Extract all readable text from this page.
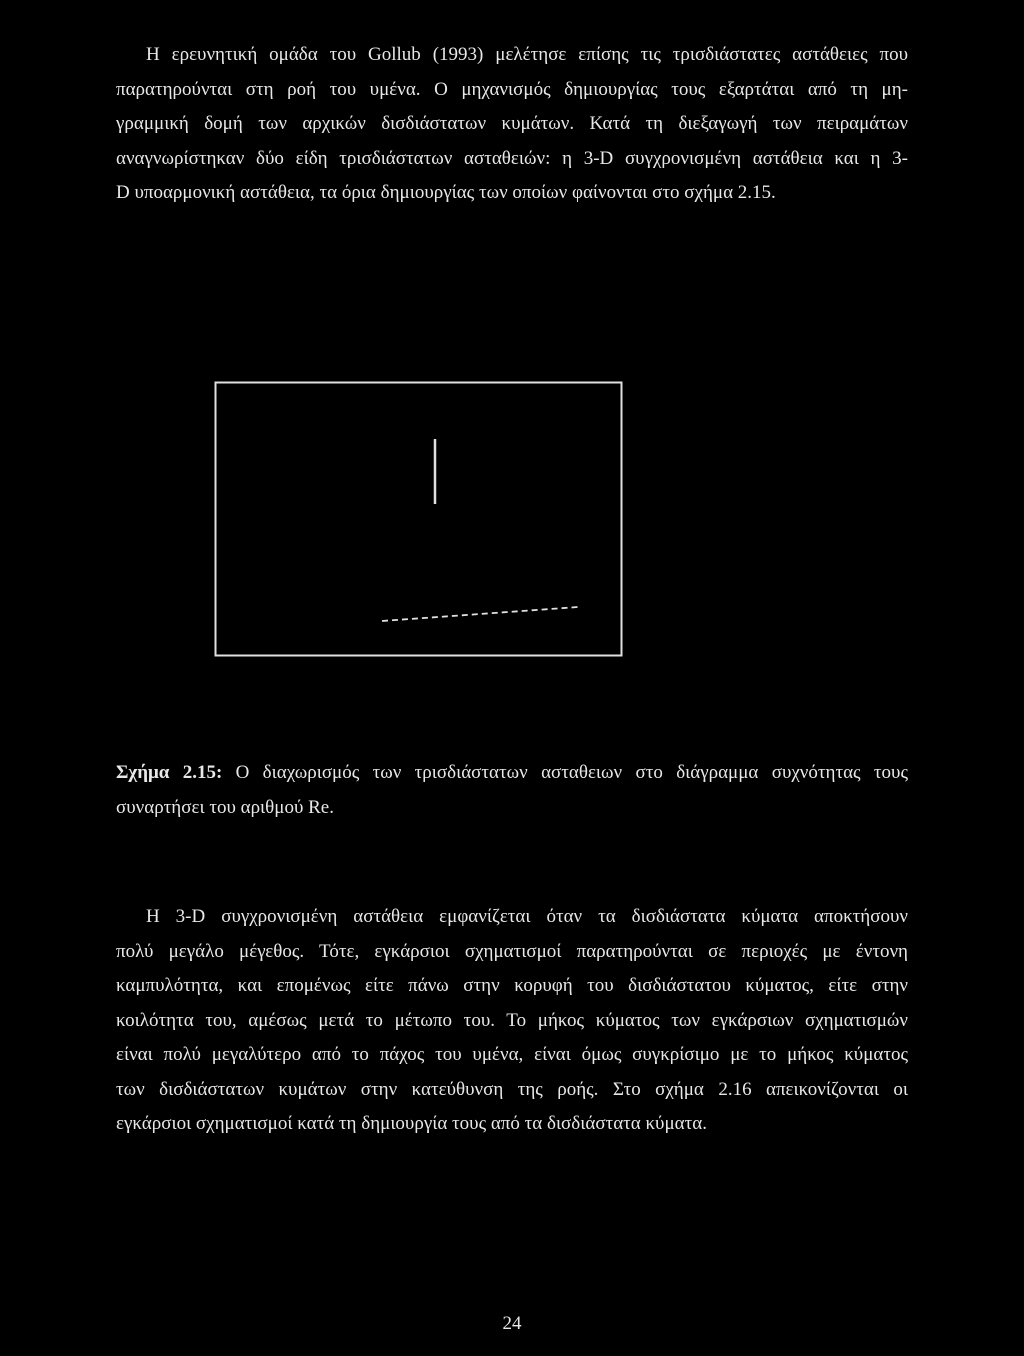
Η ερευνητική ομάδα του Gollub (1993) μελέτησε επίσης τις τρισδιάστατες αστάθειες που
παρατηρούνται στη ροή του υμένα. Ο μηχανισμός δημιουργίας τους εξαρτάται από τη μη-
γραμμική δομή των αρχικών δισδιάστατων κυμάτων. Κατά τη διεξαγωγή των πειραμάτων
αναγνωρίστηκαν δύο είδη τρισδιάστατων ασταθειών: η 3-D συγχρονισμένη αστάθεια και η 3-
D υποαρμονική αστάθεια, τα όρια δημιουργίας των οποίων φαίνονται στο σχήμα 2.15.
Σχήμα 2.15: Ο διαχωρισμός των τρισδιάστατων ασταθειων στο διάγραμμα συχνότητας τους
συναρτήσει του αριθμού Re.
Η 3-D συγχρονισμένη αστάθεια εμφανίζεται όταν τα δισδιάστατα κύματα αποκτήσουν
πολύ μεγάλο μέγεθος. Τότε, εγκάρσιοι σχηματισμοί παρατηρούνται σε περιοχές με έντονη
καμπυλότητα, και επομένως είτε πάνω στην κορυφή του δισδιάστατου κύματος, είτε στην
κοιλότητα του, αμέσως μετά το μέτωπο του. Το μήκος κύματος των εγκάρσιων σχηματισμών
είναι πολύ μεγαλύτερο από το πάχος του υμένα, είναι όμως συγκρίσιμο με το μήκος κύματος
των δισδιάστατων κυμάτων στην κατεύθυνση της ροής. Στο σχήμα 2.16 απεικονίζονται οι
εγκάρσιοι σχηματισμοί κατά τη δημιουργία τους από τα δισδιάστατα κύματα.
24
